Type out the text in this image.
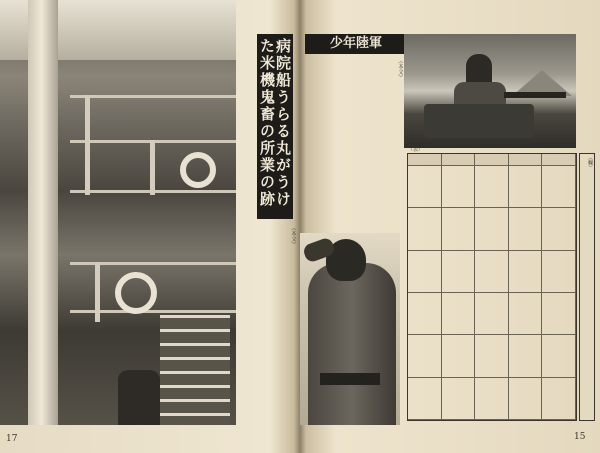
病院船うらる丸がうけた米機鬼畜の所業の跡
（本文）
17
少年陸軍
（本文）
（表）
（欄）
15
